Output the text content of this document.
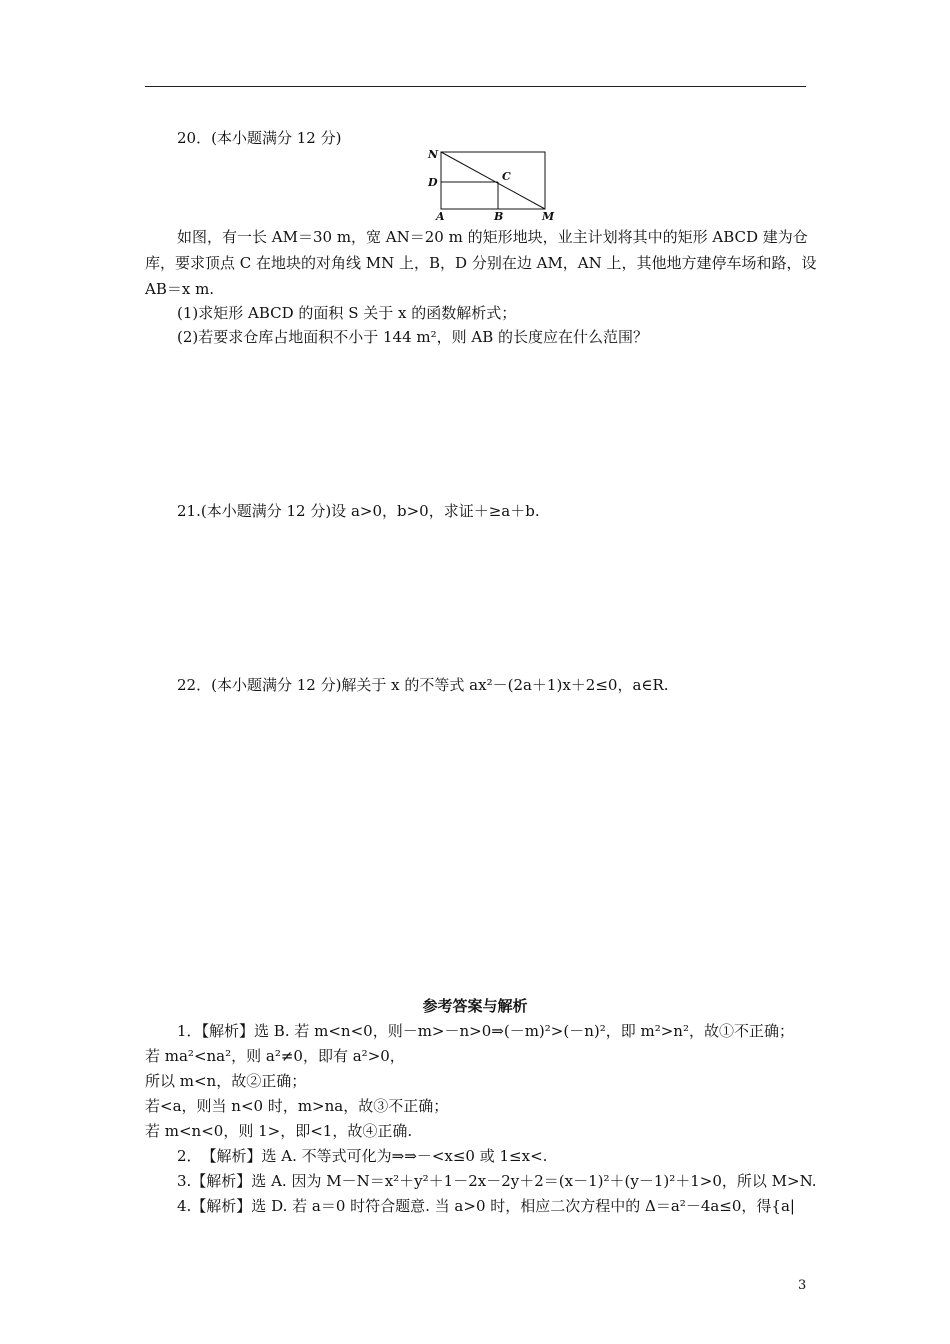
20．(本小题满分 12 分)
N
D	C
A	B	M
如图，有一长 AM＝30 m，宽 AN＝20 m 的矩形地块，业主计划将其中的矩形 ABCD 建为仓
库，要求顶点 C 在地块的对角线 MN 上，B，D 分别在边 AM，AN 上，其他地方建停车场和路，设
AB＝x m.
(1)求矩形 ABCD 的面积 S 关于 x 的函数解析式；
(2)若要求仓库占地面积不小于 144 m²，则 AB 的长度应在什么范围？
21.(本小题满分 12 分)设 a>0，b>0，求证＋≥a＋b.
22．(本小题满分 12 分)解关于 x 的不等式 ax²－(2a＋1)x＋2≤0，a∈R.
参考答案与解析
1．【解析】选 B. 若 m<n<0，则－m>－n>0⇒(－m)²>(－n)²，即 m²>n²，故①不正确；
若 ma²<na²，则 a²≠0，即有 a²>0，
所以 m<n，故②正确；
若<a，则当 n<0 时，m>na，故③不正确；
若 m<n<0，则 1>，即<1，故④正确.
2．　【解析】选 A. 不等式可化为⇒⇒－<x≤0 或 1≤x<.
3.【解析】选 A. 因为 M－N＝x²＋y²＋1－2x－2y＋2＝(x－1)²＋(y－1)²＋1>0，所以 M>N.
4.【解析】选 D. 若 a＝0 时符合题意. 当 a>0 时，相应二次方程中的 Δ＝a²－4a≤0，得{a|
3
